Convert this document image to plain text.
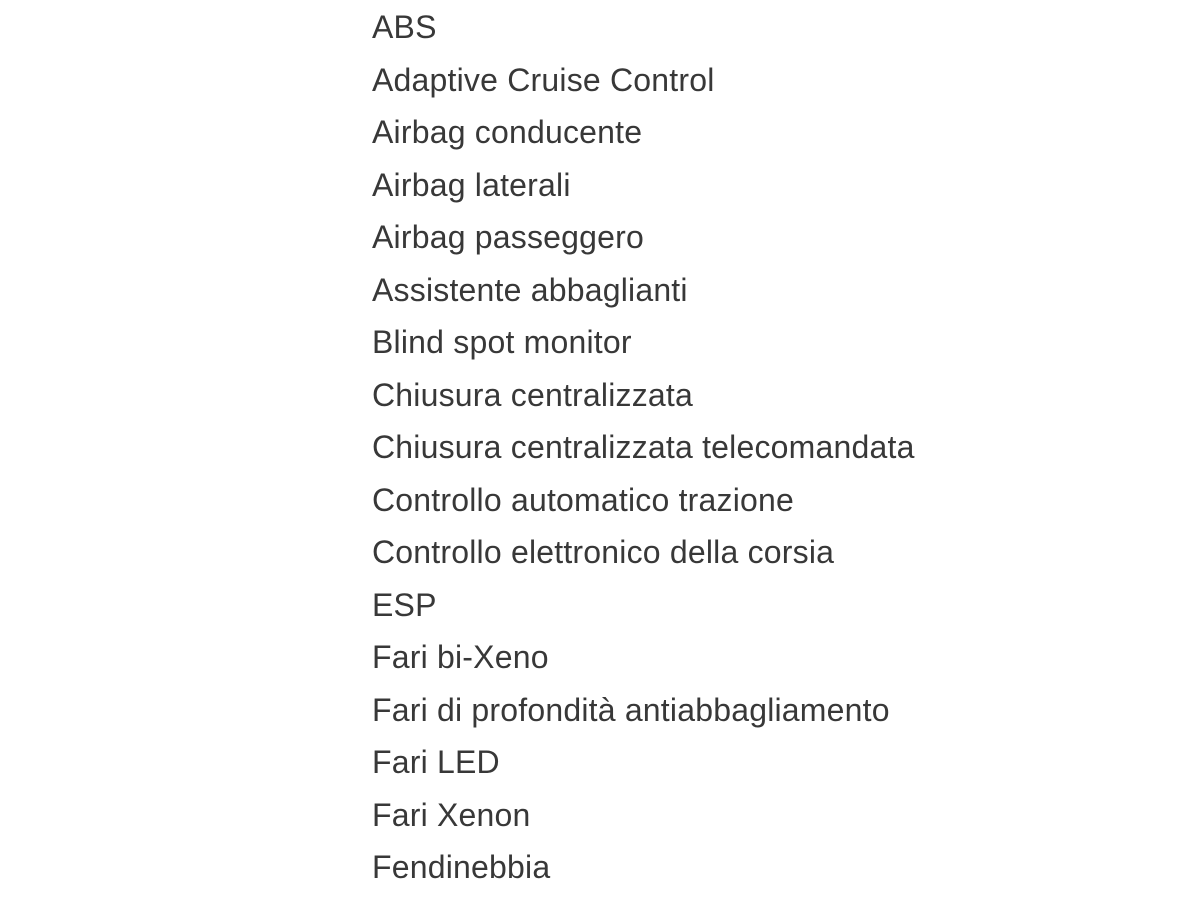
ABS
Adaptive Cruise Control
Airbag conducente
Airbag laterali
Airbag passeggero
Assistente abbaglianti
Blind spot monitor
Chiusura centralizzata
Chiusura centralizzata telecomandata
Controllo automatico trazione
Controllo elettronico della corsia
ESP
Fari bi-Xeno
Fari di profondità antiabbagliamento
Fari LED
Fari Xenon
Fendinebbia
